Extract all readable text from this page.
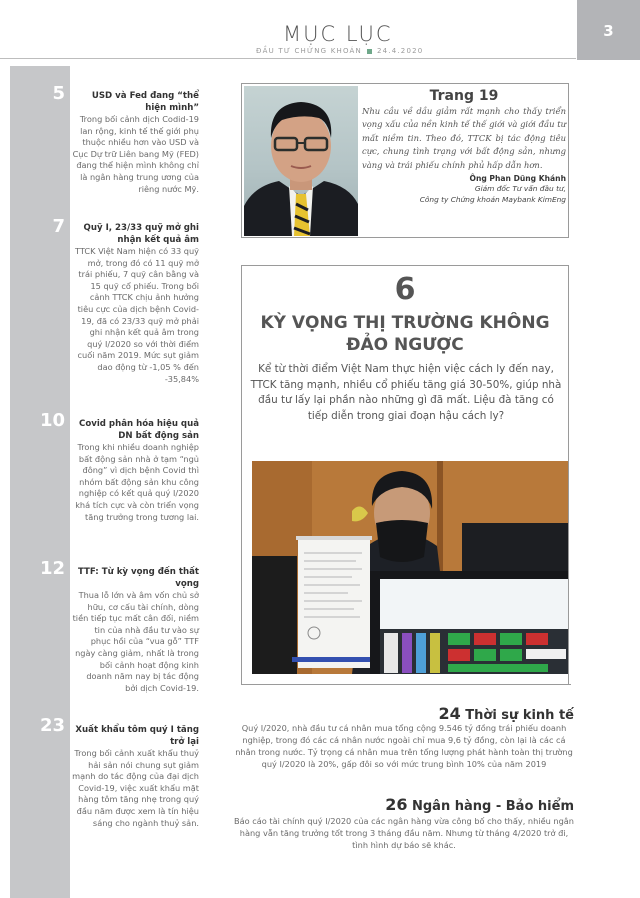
MỤC LỤC
ĐẦU TƯ CHỨNG KHOÁN 24.4.2020
3
5	USD và Fed đang “thể hiện mình”
Trong bối cảnh dịch Codid-19 lan rộng, kinh tế thế giới phụ thuộc nhiều hơn vào USD và Cục Dự trữ Liên bang Mỹ (FED) đang thể hiện mình không chỉ là ngân hàng trung ương của riêng nước Mỹ.
7	Quỹ I, 23/33 quỹ mở ghi nhận kết quả âm
TTCK Việt Nam hiện có 33 quỹ mở, trong đó có 11 quỹ mở trái phiếu, 7 quỹ cân bằng và 15 quỹ cổ phiếu. Trong bối cảnh TTCK chịu ảnh hưởng tiêu cực của dịch bệnh Covid-19, đã có 23/33 quỹ mở phải ghi nhận kết quả âm trong quý I/2020 so với thời điểm cuối năm 2019. Mức sụt giảm dao động từ -1,05 % đến -35,84%
10	Covid phân hóa hiệu quả DN bất động sản
Trong khi nhiều doanh nghiệp bất động sản nhà ở tạm “ngủ đông” vì dịch bệnh Covid thì nhóm bất động sản khu công nghiệp có kết quả quý I/2020 khá tích cực và còn triển vọng tăng trưởng trong tương lai.
12	TTF: Từ kỳ vọng đến thất vọng
Thua lỗ lớn và âm vốn chủ sở hữu, cơ cấu tài chính, dòng tiền tiếp tục mất cân đối, niềm tin của nhà đầu tư vào sự phục hồi của “vua gỗ” TTF ngày càng giảm, nhất là trong bối cảnh hoạt động kinh doanh năm nay bị tác động bởi dịch Covid-19.
23	Xuất khẩu tôm quý I tăng trở lại
Trong bối cảnh xuất khẩu thuỷ hải sản nói chung sụt giảm mạnh do tác động của đại dịch Covid-19, việc xuất khẩu mặt hàng tôm tăng nhẹ trong quý đầu năm được xem là tín hiệu sáng cho ngành thuỷ sản.
Trang 19
Nhu cầu về dầu giảm rất mạnh cho thấy triển vọng xấu của nền kinh tế thế giới và giới đầu tư mất niềm tin. Theo đó, TTCK bị tác động tiêu cực, chung tình trạng với bất động sản, nhưng vàng và trái phiếu chính phủ hấp dẫn hơn.
Ông Phan Dũng Khánh
Giám đốc Tư vấn đầu tư,
Công ty Chứng khoán Maybank KimEng
6
KỲ VỌNG THỊ TRƯỜNG KHÔNG ĐẢO NGƯỢC
Kể từ thời điểm Việt Nam thực hiện việc cách ly đến nay, TTCK tăng mạnh, nhiều cổ phiếu tăng giá 30-50%, giúp nhà đầu tư lấy lại phần nào những gì đã mất. Liệu đà tăng có tiếp diễn trong giai đoạn hậu cách ly?
24 Thời sự kinh tế
Quý I/2020, nhà đầu tư cá nhân mua tổng cộng 9.546 tỷ đồng trái phiếu doanh nghiệp, trong đó các cá nhân nước ngoài chỉ mua 9,6 tỷ đồng, còn lại là các cá nhân trong nước. Tỷ trọng cá nhân mua trên tổng lượng phát hành toàn thị trường quý I/2020 là 20%, gấp đôi so với mức trung bình 10% của năm 2019
26 Ngân hàng - Bảo hiểm
Báo cáo tài chính quý I/2020 của các ngân hàng vừa công bố cho thấy, nhiều ngân hàng vẫn tăng trưởng tốt trong 3 tháng đầu năm. Nhưng từ tháng 4/2020 trở đi, tình hình dự báo sẽ khác.
